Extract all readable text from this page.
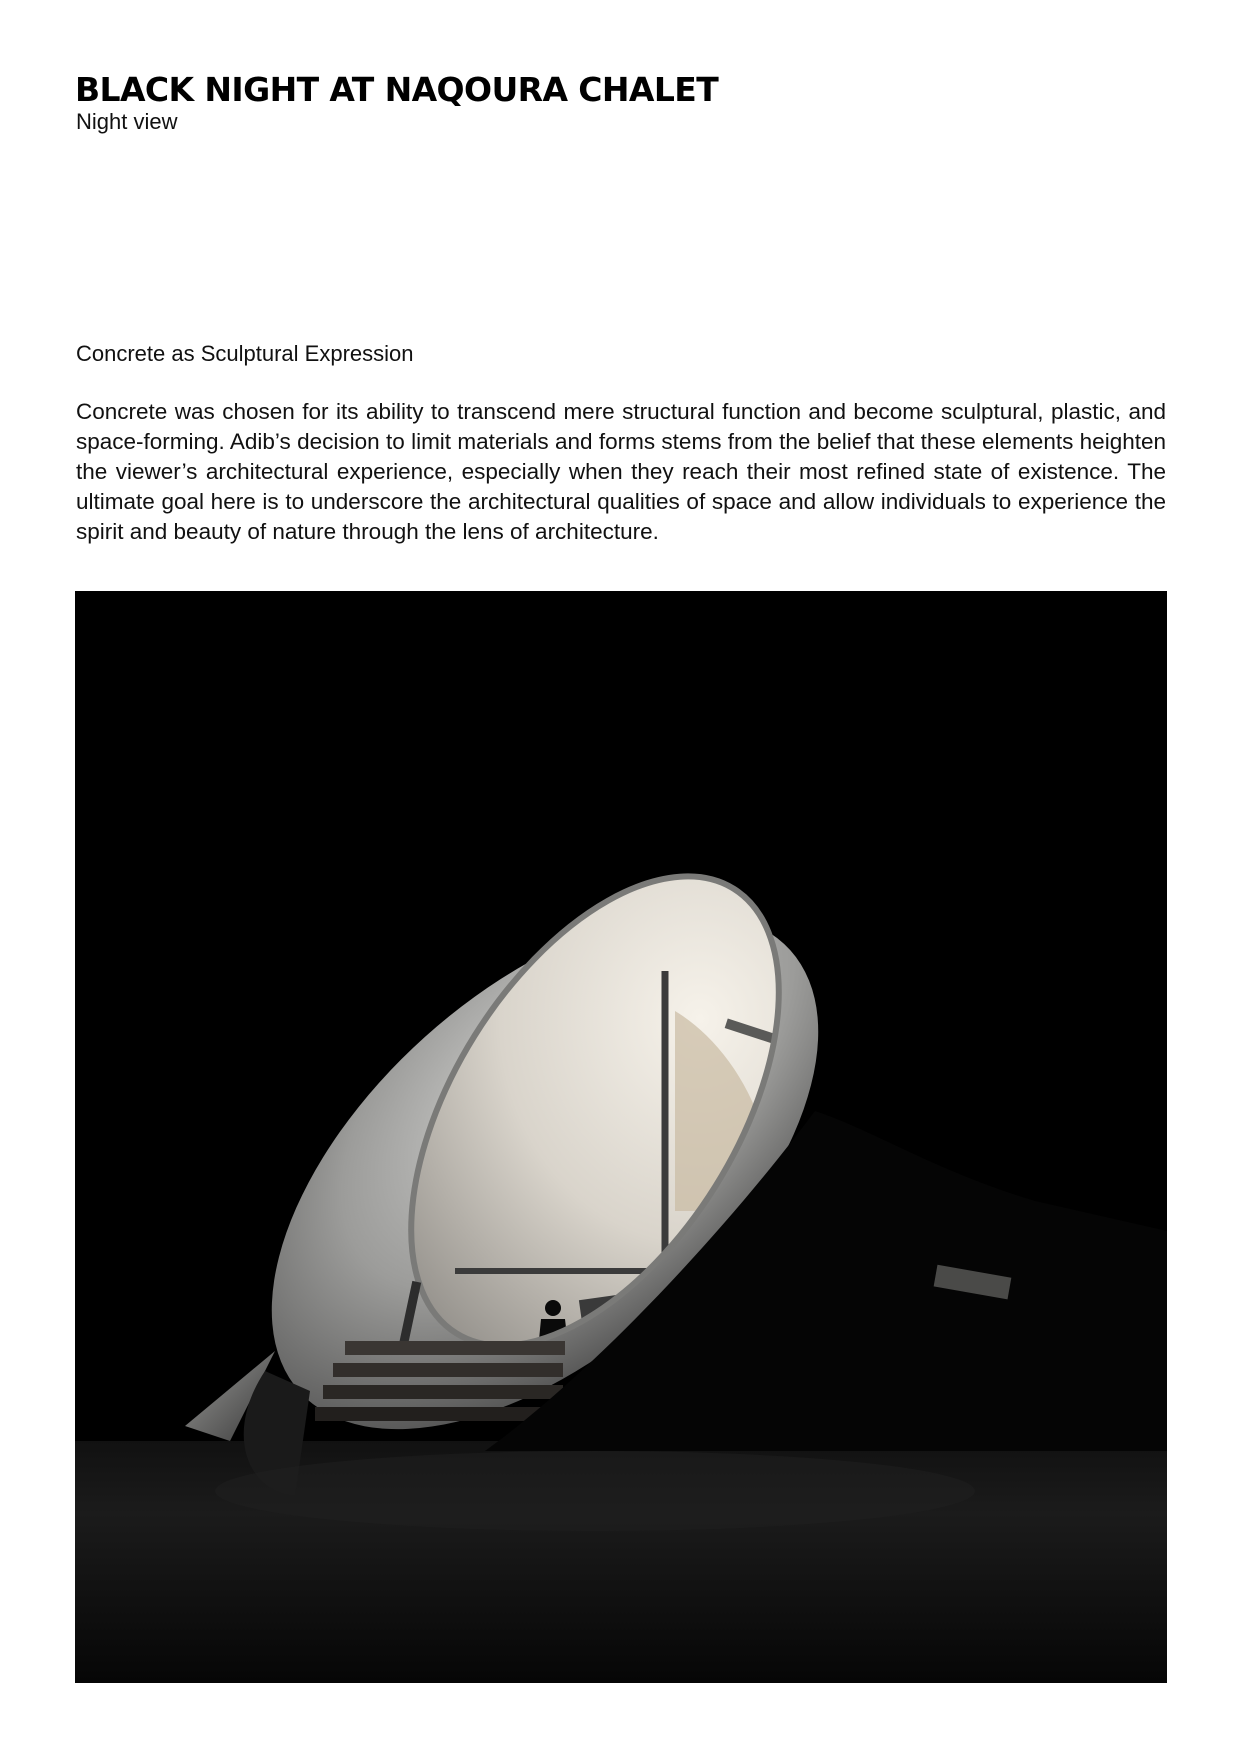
BLACK NIGHT AT NAQOURA CHALET
Night view
Concrete as Sculptural Expression

Concrete was chosen for its ability to transcend mere structural function and become sculptural, plastic, and space-forming. Adib’s decision to limit materials and forms stems from the belief that these elements heighten the viewer’s architectural experience, especially when they reach their most refined state of existence. The ultimate goal here is to underscore the architectural qualities of space and allow individuals to experience the spirit and beauty of nature through the lens of architecture.
